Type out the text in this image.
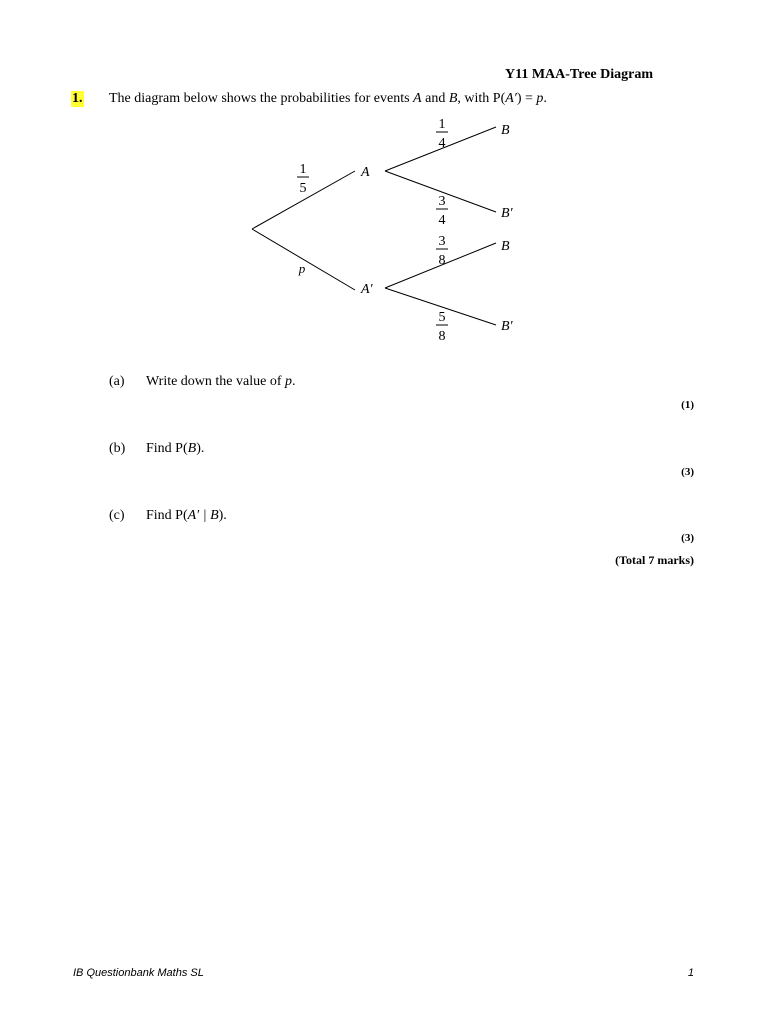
Y11 MAA-Tree Diagram
1. The diagram below shows the probabilities for events A and B, with P(A′) = p.
1
5
p
A
A′
1
4
3
4
3
8
5
8
B
B′
B
B′
(a) Write down the value of p.
(1)
(b) Find P(B).
(3)
(c) Find P(A′ | B).
(3)
(Total 7 marks)
IB Questionbank Maths SL	1
